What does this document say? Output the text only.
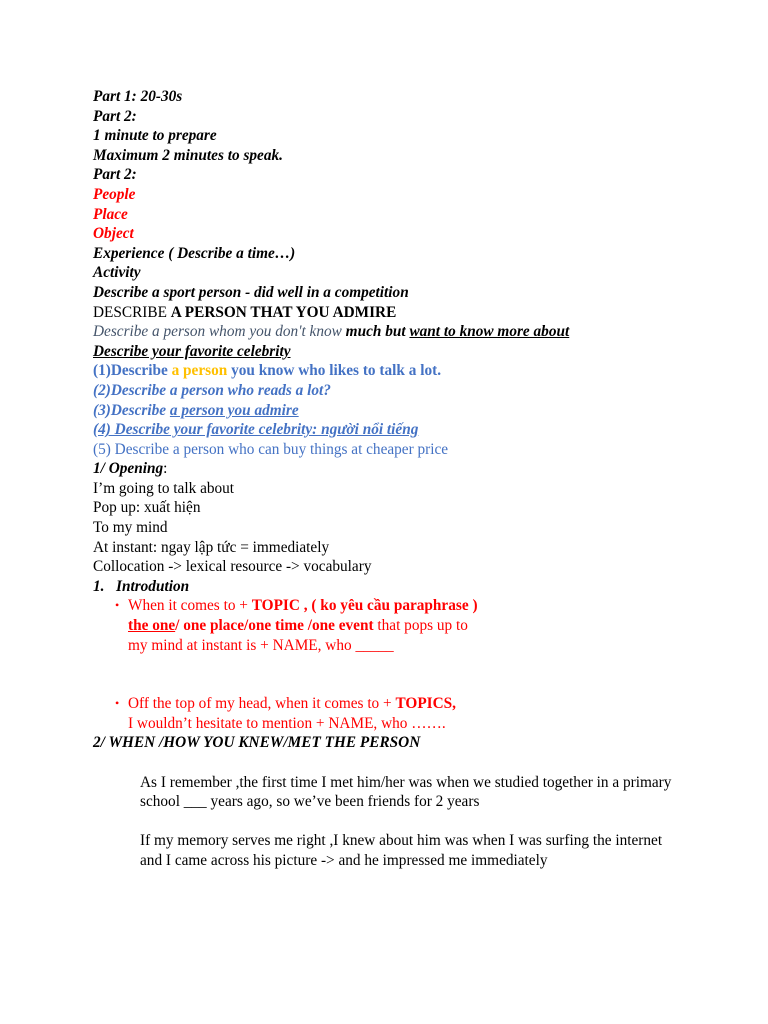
Part 1: 20-30s
Part 2:
1 minute to prepare
Maximum 2 minutes to speak.
Part 2:
People
Place
Object
Experience ( Describe a time…)
Activity
Describe a sport person - did well in a competition
DESCRIBE A PERSON THAT YOU ADMIRE
Describe a person whom you don't know much but want to know more about
Describe your favorite celebrity
(1)Describe a person you know who likes to talk a lot.
(2)Describe a person who reads a lot?
(3)Describe a person you admire
(4) Describe your favorite celebrity: người nổi tiếng
(5) Describe a person who can buy things at cheaper price
1/ Opening:
I’m going to talk about
Pop up: xuất hiện
To my mind
At instant: ngay lập tức = immediately
Collocation -> lexical resource -> vocabulary
1. Introdution
• When it comes to + TOPIC , ( ko yêu cầu paraphrase )
the one/ one place/one time /one event that pops up to
my mind at instant is + NAME, who _____
• Off the top of my head, when it comes to + TOPICS,
I wouldn’t hesitate to mention + NAME, who …….
2/ WHEN /HOW YOU KNEW/MET THE PERSON
As I remember ,the first time I met him/her was when we studied together in a primary school ___ years ago, so we’ve been friends for 2 years
If my memory serves me right ,I knew about him was when I was surfing the internet and I came across his picture -> and he impressed me immediately
